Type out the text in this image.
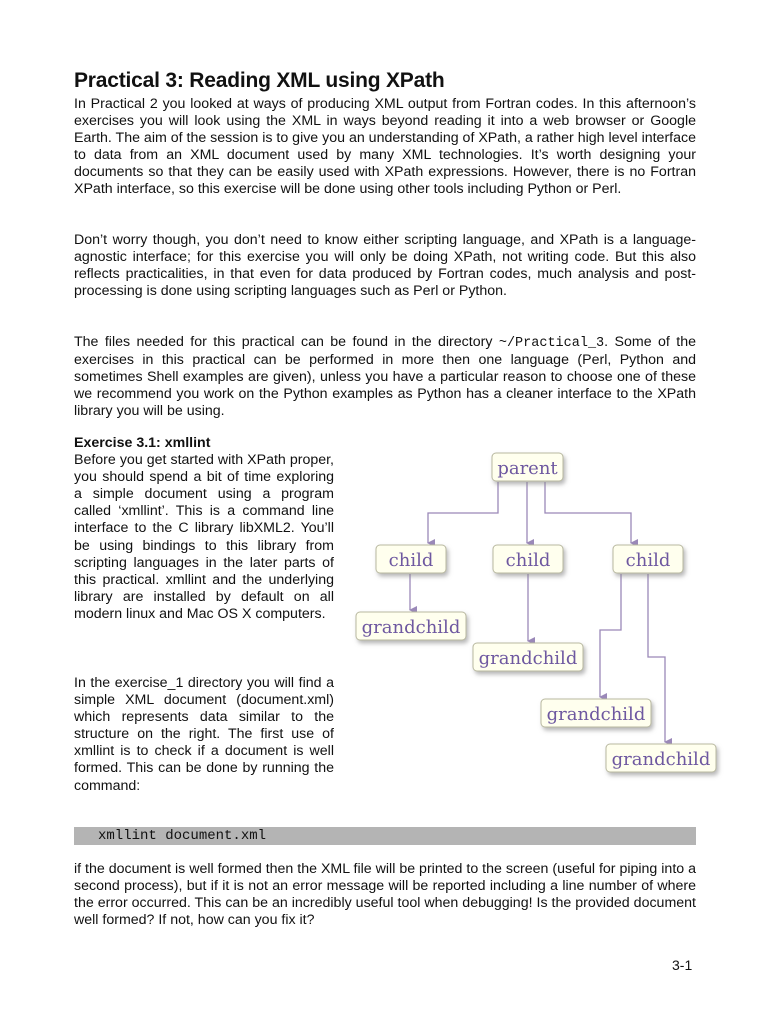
Practical 3: Reading XML using XPath

In Practical 2 you looked at ways of producing XML output from Fortran codes. In this afternoon’s exercises you will look using the XML in ways beyond reading it into a web browser or Google Earth. The aim of the session is to give you an understanding of XPath, a rather high level interface to data from an XML document used by many XML technologies. It’s worth designing your documents so that they can be easily used with XPath expressions. However, there is no Fortran XPath interface, so this exercise will be done using other tools including Python or Perl.

Don’t worry though, you don’t need to know either scripting language, and XPath is a language-agnostic interface; for this exercise you will only be doing XPath, not writing code. But this also reflects practicalities, in that even for data produced by Fortran codes, much analysis and post-processing is done using scripting languages such as Perl or Python.

The files needed for this practical can be found in the directory ~/Practical_3. Some of the exercises in this practical can be performed in more then one language (Perl, Python and sometimes Shell examples are given), unless you have a particular reason to choose one of these we recommend you work on the Python examples as Python has a cleaner interface to the XPath library you will be using.

Exercise 3.1: xmllint
Before you get started with XPath proper, you should spend a bit of time exploring a simple document using a program called ‘xmllint’. This is a command line interface to the C library libXML2. You’ll be using bindings to this library from scripting languages in the later parts of this practical. xmllint and the underlying library are installed by default on all modern linux and Mac OS X computers.
In the exercise_1 directory you will find a simple XML document (document.xml) which represents data similar to the structure on the right. The first use of xmllint is to check if a document is well formed. This can be done by running the command:
parent
child	child	child
grandchild
grandchild
grandchild
grandchild
xmllint document.xml

if the document is well formed then the XML file will be printed to the screen (useful for piping into a second process), but if it is not an error message will be reported including a line number of where the error occurred. This can be an incredibly useful tool when debugging! Is the provided document well formed? If not, how can you fix it?

3-1
